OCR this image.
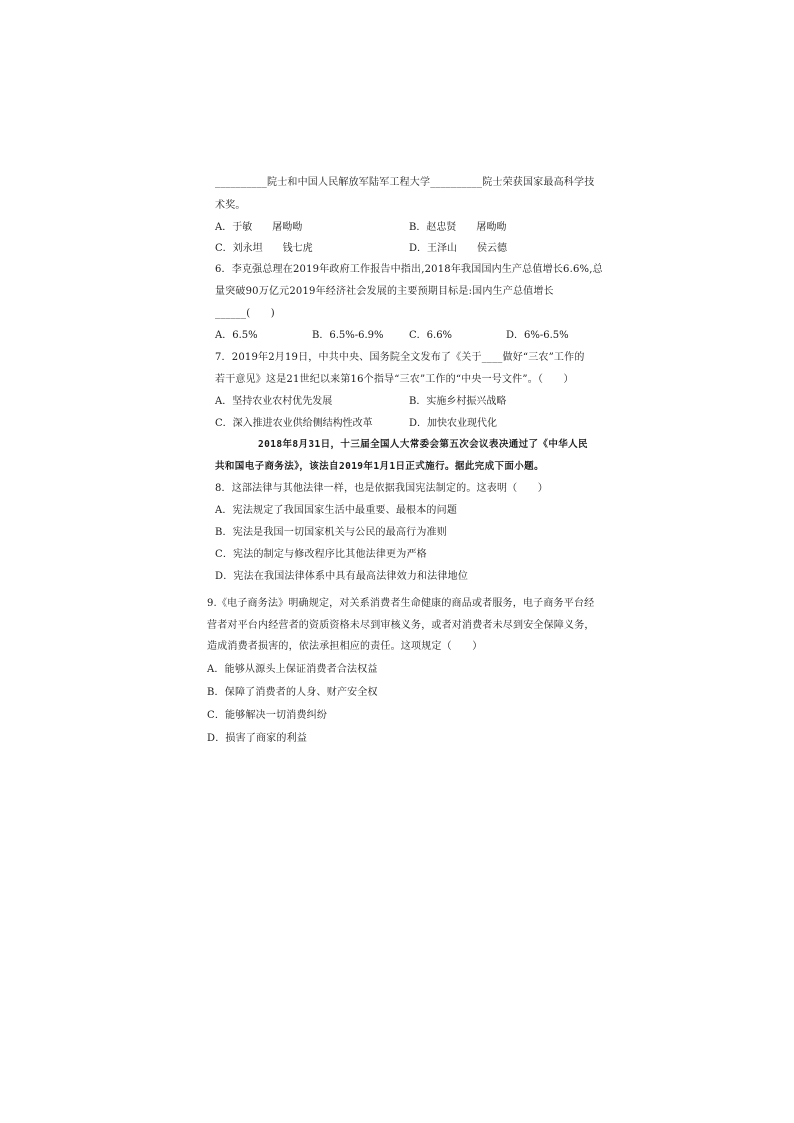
__________院士和中国人民解放军陆军工程大学__________院士荣获国家最高科学技
术奖。
A．于敏　　屠呦呦	B．赵忠贤　　屠呦呦
C．刘永坦　　钱七虎	D．王泽山　　侯云德
6．李克强总理在2019年政府工作报告中指出,2018年我国国内生产总值增长6.6%,总
量突破90万亿元2019年经济社会发展的主要预期目标是:国内生产总值增长
______(　　)
A．6.5%	B．6.5%-6.9%	C．6.6%	D．6%-6.5%
7．2019年2月19日，中共中央、国务院全文发布了《关于____做好“三农”工作的
若干意见》这是21世纪以来第16个指导“三农”工作的“中央一号文件”。（　　）
A．坚持农业农村优先发展	B．实施乡村振兴战略
C．深入推进农业供给侧结构性改革	D．加快农业现代化
2018年8月31日，十三届全国人大常委会第五次会议表决通过了《中华人民
共和国电子商务法》，该法自2019年1月1日正式施行。据此完成下面小题。
8．这部法律与其他法律一样，也是依据我国宪法制定的。这表明（　　）
A．宪法规定了我国国家生活中最重要、最根本的问题
B．宪法是我国一切国家机关与公民的最高行为准则
C．宪法的制定与修改程序比其他法律更为严格
D．宪法在我国法律体系中具有最高法律效力和法律地位
9.《电子商务法》明确规定，对关系消费者生命健康的商品或者服务，电子商务平台经
营者对平台内经营者的资质资格未尽到审核义务，或者对消费者未尽到安全保障义务，
造成消费者损害的，依法承担相应的责任。这项规定（　　）
A．能够从源头上保证消费者合法权益
B．保障了消费者的人身、财产安全权
C．能够解决一切消费纠纷
D．损害了商家的利益
